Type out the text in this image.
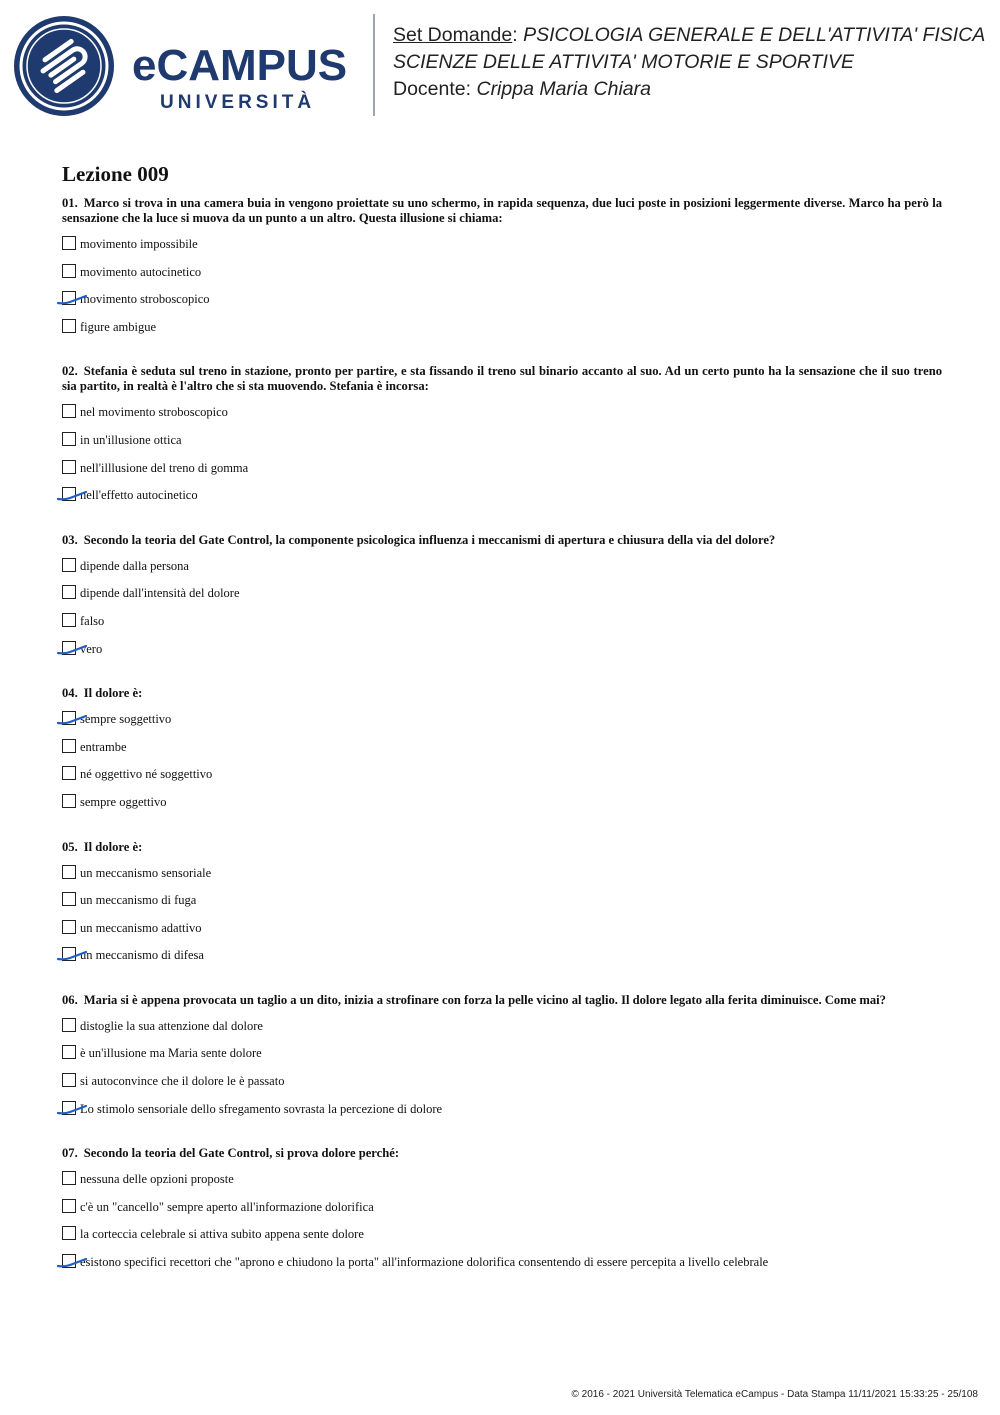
eCAMPUS
UNIVERSITÀ
Set Domande: PSICOLOGIA GENERALE E DELL'ATTIVITA' FISICA
SCIENZE DELLE ATTIVITA' MOTORIE E SPORTIVE
Docente: Crippa Maria Chiara
Lezione 009
01. Marco si trova in una camera buia in vengono proiettate su uno schermo, in rapida sequenza, due luci poste in posizioni leggermente diverse. Marco ha però la sensazione che la luce si muova da un punto a un altro. Questa illusione si chiama:
movimento impossibile
movimento autocinetico
movimento stroboscopico
figure ambigue
02. Stefania è seduta sul treno in stazione, pronto per partire, e sta fissando il treno sul binario accanto al suo. Ad un certo punto ha la sensazione che il suo treno sia partito, in realtà è l'altro che si sta muovendo. Stefania è incorsa:
nel movimento stroboscopico
in un'illusione ottica
nell'illlusione del treno di gomma
nell'effetto autocinetico
03. Secondo la teoria del Gate Control, la componente psicologica influenza i meccanismi di apertura e chiusura della via del dolore?
dipende dalla persona
dipende dall'intensità del dolore
falso
vero
04. Il dolore è:
sempre soggettivo
entrambe
né oggettivo né soggettivo
sempre oggettivo
05. Il dolore è:
un meccanismo sensoriale
un meccanismo di fuga
un meccanismo adattivo
un meccanismo di difesa
06. Maria si è appena provocata un taglio a un dito, inizia a strofinare con forza la pelle vicino al taglio. Il dolore legato alla ferita diminuisce. Come mai?
distoglie la sua attenzione dal dolore
è un'illusione ma Maria sente dolore
si autoconvince che il dolore le è passato
Lo stimolo sensoriale dello sfregamento sovrasta la percezione di dolore
07. Secondo la teoria del Gate Control, si prova dolore perché:
nessuna delle opzioni proposte
c'è un "cancello" sempre aperto all'informazione dolorifica
la corteccia celebrale si attiva subito appena sente dolore
esistono specifici recettori che "aprono e chiudono la porta" all'informazione dolorifica consentendo di essere percepita a livello celebrale
© 2016 - 2021 Università Telematica eCampus - Data Stampa 11/11/2021 15:33:25 - 25/108
